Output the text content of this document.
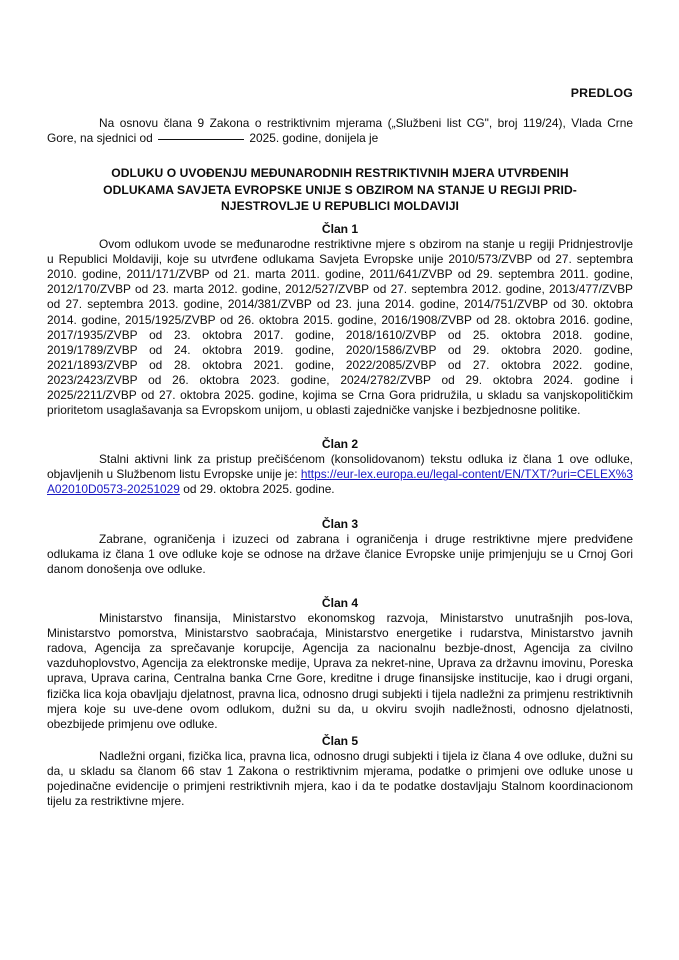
PREDLOG

Na osnovu člana 9 Zakona o restriktivnim mjerama („Službeni list CG", broj 119/24), Vlada Crne Gore, na sjednici od	2025. godine, donijela je

ODLUKU O UVOĐENJU MEĐUNARODNIH RESTRIKTIVNIH MJERA UTVRĐENIH
ODLUKAMA SAVJETA EVROPSKE UNIJE S OBZIROM NA STANJE U REGIJI PRID-
NJESTROVLJE U REPUBLICI MOLDAVIJI
Član 1

Ovom odlukom uvode se međunarodne restriktivne mjere s obzirom na stanje u regiji Pridnjestrovlje u Republici Moldaviji, koje su utvrđene odlukama Savjeta Evropske unije 2010/573/ZVBP od 27. septembra 2010. godine, 2011/171/ZVBP od 21. marta 2011. godine, 2011/641/ZVBP od 29. septembra 2011. godine, 2012/170/ZVBP od 23. marta 2012. godine, 2012/527/ZVBP od 27. septembra 2012. godine, 2013/477/ZVBP od 27. septembra 2013. godine, 2014/381/ZVBP od 23. juna 2014. godine, 2014/751/ZVBP od 30. oktobra 2014. godine, 2015/1925/ZVBP od 26. oktobra 2015. godine, 2016/1908/ZVBP od 28. oktobra 2016. godine, 2017/1935/ZVBP od 23. oktobra 2017. godine, 2018/1610/ZVBP od 25. oktobra 2018. godine, 2019/1789/ZVBP od 24. oktobra 2019. godine, 2020/1586/ZVBP od 29. oktobra 2020. godine, 2021/1893/ZVBP od 28. oktobra 2021. godine, 2022/2085/ZVBP od 27. oktobra 2022. godine, 2023/2423/ZVBP od 26. oktobra 2023. godine, 2024/2782/ZVBP od 29. oktobra 2024. godine i 2025/2211/ZVBP od 27. oktobra 2025. godine, kojima se Crna Gora pridružila, u skladu sa vanjskopolitičkim prioritetom usaglašavanja sa Evropskom unijom, u oblasti zajedničke vanjske i bezbjednosne politike.

Član 2

Stalni aktivni link za pristup prečišćenom (konsolidovanom) tekstu odluka iz člana 1 ove odluke, objavljenih u Službenom listu Evropske unije je: https://eur-lex.europa.eu/legal-content/EN/TXT/?uri=CELEX%3A02010D0573-20251029 od 29. oktobra 2025. godine.

Član 3

Zabrane, ograničenja i izuzeci od zabrana i ograničenja i druge restriktivne mjere predviđene odlukama iz člana 1 ove odluke koje se odnose na države članice Evropske unije primjenjuju se u Crnoj Gori danom donošenja ove odluke.

Član 4

Ministarstvo finansija, Ministarstvo ekonomskog razvoja, Ministarstvo unutrašnjih pos-lova, Ministarstvo pomorstva, Ministarstvo saobraćaja, Ministarstvo energetike i rudarstva, Ministarstvo javnih radova, Agencija za sprečavanje korupcije, Agencija za nacionalnu bezbje-dnost, Agencija za civilno vazduhoplovstvo, Agencija za elektronske medije, Uprava za nekret-nine, Uprava za državnu imovinu, Poreska uprava, Uprava carina, Centralna banka Crne Gore, kreditne i druge finansijske institucije, kao i drugi organi, fizička lica koja obavljaju djelatnost, pravna lica, odnosno drugi subjekti i tijela nadležni za primjenu restriktivnih mjera koje su uve-dene ovom odlukom, dužni su da, u okviru svojih nadležnosti, odnosno djelatnosti, obezbijede primjenu ove odluke.

Član 5

Nadležni organi, fizička lica, pravna lica, odnosno drugi subjekti i tijela iz člana 4 ove odluke, dužni su da, u skladu sa članom 66 stav 1 Zakona o restriktivnim mjerama, podatke o primjeni ove odluke unose u pojedinačne evidencije o primjeni restriktivnih mjera, kao i da te podatke dostavljaju Stalnom koordinacionom tijelu za restriktivne mjere.
